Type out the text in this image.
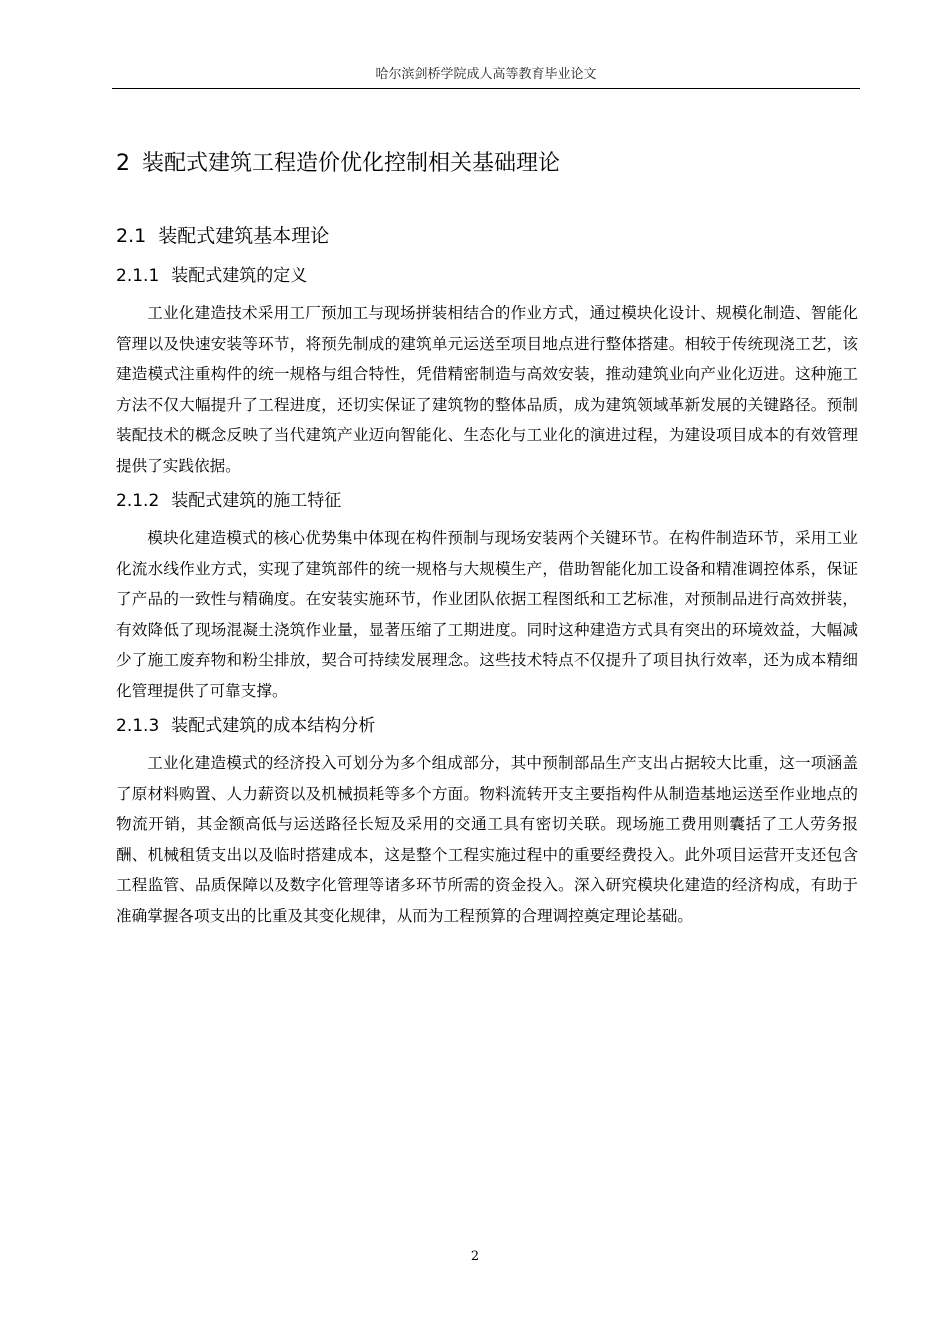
哈尔滨剑桥学院成人高等教育毕业论文
2 装配式建筑工程造价优化控制相关基础理论
2.1 装配式建筑基本理论
2.1.1 装配式建筑的定义

工业化建造技术采用工厂预加工与现场拼装相结合的作业方式，通过模块化设计、规模化制造、智能化管理以及快速安装等环节，将预先制成的建筑单元运送至项目地点进行整体搭建。相较于传统现浇工艺，该建造模式注重构件的统一规格与组合特性，凭借精密制造与高效安装，推动建筑业向产业化迈进。这种施工方法不仅大幅提升了工程进度，还切实保证了建筑物的整体品质，成为建筑领域革新发展的关键路径。预制装配技术的概念反映了当代建筑产业迈向智能化、生态化与工业化的演进过程，为建设项目成本的有效管理提供了实践依据。

2.1.2 装配式建筑的施工特征

模块化建造模式的核心优势集中体现在构件预制与现场安装两个关键环节。在构件制造环节，采用工业化流水线作业方式，实现了建筑部件的统一规格与大规模生产，借助智能化加工设备和精准调控体系，保证了产品的一致性与精确度。在安装实施环节，作业团队依据工程图纸和工艺标准，对预制品进行高效拼装，有效降低了现场混凝土浇筑作业量，显著压缩了工期进度。同时这种建造方式具有突出的环境效益，大幅减少了施工废弃物和粉尘排放，契合可持续发展理念。这些技术特点不仅提升了项目执行效率，还为成本精细化管理提供了可靠支撑。

2.1.3 装配式建筑的成本结构分析

工业化建造模式的经济投入可划分为多个组成部分，其中预制部品生产支出占据较大比重，这一项涵盖了原材料购置、人力薪资以及机械损耗等多个方面。物料流转开支主要指构件从制造基地运送至作业地点的物流开销，其金额高低与运送路径长短及采用的交通工具有密切关联。现场施工费用则囊括了工人劳务报酬、机械租赁支出以及临时搭建成本，这是整个工程实施过程中的重要经费投入。此外项目运营开支还包含工程监管、品质保障以及数字化管理等诸多环节所需的资金投入。深入研究模块化建造的经济构成，有助于准确掌握各项支出的比重及其变化规律，从而为工程预算的合理调控奠定理论基础。

2
